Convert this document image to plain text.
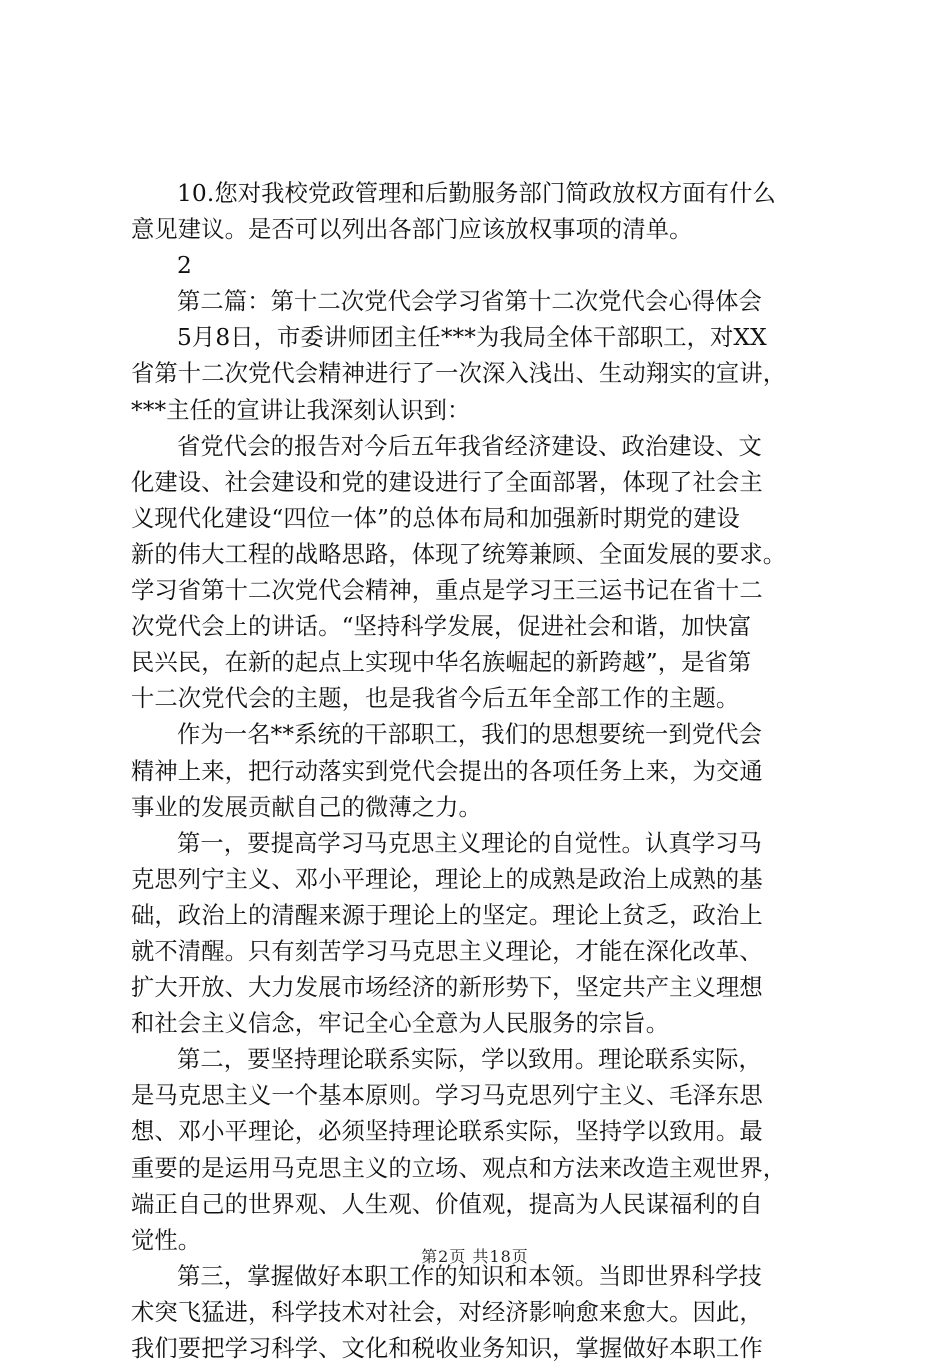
10.您对我校党政管理和后勤服务部门简政放权方面有什么
意见建议。是否可以列出各部门应该放权事项的清单。
2
第二篇：第十二次党代会学习省第十二次党代会心得体会
5月8日，市委讲师团主任***为我局全体干部职工，对XX
省第十二次党代会精神进行了一次深入浅出、生动翔实的宣讲，
***主任的宣讲让我深刻认识到：
省党代会的报告对今后五年我省经济建设、政治建设、文
化建设、社会建设和党的建设进行了全面部署，体现了社会主
义现代化建设“四位一体”的总体布局和加强新时期党的建设
新的伟大工程的战略思路，体现了统筹兼顾、全面发展的要求。
学习省第十二次党代会精神，重点是学习王三运书记在省十二
次党代会上的讲话。“坚持科学发展，促进社会和谐，加快富
民兴民，在新的起点上实现中华名族崛起的新跨越”，是省第
十二次党代会的主题，也是我省今后五年全部工作的主题。
作为一名**系统的干部职工，我们的思想要统一到党代会
精神上来，把行动落实到党代会提出的各项任务上来，为交通
事业的发展贡献自己的微薄之力。
第一，要提高学习马克思主义理论的自觉性。认真学习马
克思列宁主义、邓小平理论，理论上的成熟是政治上成熟的基
础，政治上的清醒来源于理论上的坚定。理论上贫乏，政治上
就不清醒。只有刻苦学习马克思主义理论，才能在深化改革、
扩大开放、大力发展市场经济的新形势下，坚定共产主义理想
和社会主义信念，牢记全心全意为人民服务的宗旨。
第二，要坚持理论联系实际，学以致用。理论联系实际，
是马克思主义一个基本原则。学习马克思列宁主义、毛泽东思
想、邓小平理论，必须坚持理论联系实际，坚持学以致用。最
重要的是运用马克思主义的立场、观点和方法来改造主观世界，
端正自己的世界观、人生观、价值观，提高为人民谋福利的自
觉性。
第三，掌握做好本职工作的知识和本领。当即世界科学技
术突飞猛进，科学技术对社会，对经济影响愈来愈大。因此，
我们要把学习科学、文化和税收业务知识，掌握做好本职工作
第2页 共18页
